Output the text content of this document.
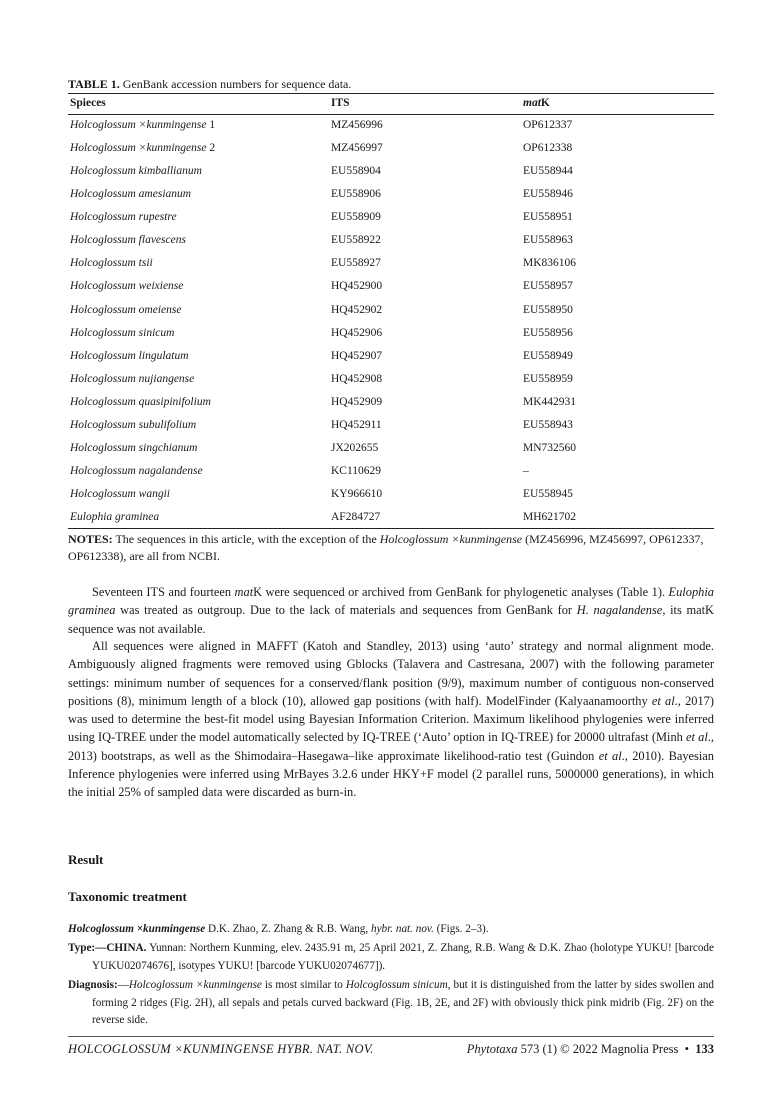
TABLE 1. GenBank accession numbers for sequence data.
Spieces	ITS	matK
Holcoglossum ×kunmingense 1	MZ456996	OP612337
Holcoglossum ×kunmingense 2	MZ456997	OP612338
Holcoglossum kimballianum	EU558904	EU558944
Holcoglossum amesianum	EU558906	EU558946
Holcoglossum rupestre	EU558909	EU558951
Holcoglossum flavescens	EU558922	EU558963
Holcoglossum tsii	EU558927	MK836106
Holcoglossum weixiense	HQ452900	EU558957
Holcoglossum omeiense	HQ452902	EU558950
Holcoglossum sinicum	HQ452906	EU558956
Holcoglossum lingulatum	HQ452907	EU558949
Holcoglossum nujiangense	HQ452908	EU558959
Holcoglossum quasipinifolium	HQ452909	MK442931
Holcoglossum subulifolium	HQ452911	EU558943
Holcoglossum singchianum	JX202655	MN732560
Holcoglossum nagalandense	KC110629	–
Holcoglossum wangii	KY966610	EU558945
Eulophia graminea	AF284727	MH621702
NOTES: The sequences in this article, with the exception of the Holcoglossum ×kunmingense (MZ456996, MZ456997, OP612337, OP612338), are all from NCBI.
Seventeen ITS and fourteen matK were sequenced or archived from GenBank for phylogenetic analyses (Table 1). Eulophia graminea was treated as outgroup. Due to the lack of materials and sequences from GenBank for H. nagalandense, its matK sequence was not available.
All sequences were aligned in MAFFT (Katoh and Standley, 2013) using ‘auto’ strategy and normal alignment mode. Ambiguously aligned fragments were removed using Gblocks (Talavera and Castresana, 2007) with the following parameter settings: minimum number of sequences for a conserved/flank position (9/9), maximum number of contiguous non-conserved positions (8), minimum length of a block (10), allowed gap positions (with half). ModelFinder (Kalyaanamoorthy et al., 2017) was used to determine the best-fit model using Bayesian Information Criterion. Maximum likelihood phylogenies were inferred using IQ-TREE under the model automatically selected by IQ-TREE (‘Auto’ option in IQ-TREE) for 20000 ultrafast (Minh et al., 2013) bootstraps, as well as the Shimodaira–Hasegawa–like approximate likelihood-ratio test (Guindon et al., 2010). Bayesian Inference phylogenies were inferred using MrBayes 3.2.6 under HKY+F model (2 parallel runs, 5000000 generations), in which the initial 25% of sampled data were discarded as burn-in.
Result
Taxonomic treatment
Holcoglossum ×kunmingense D.K. Zhao, Z. Zhang & R.B. Wang, hybr. nat. nov. (Figs. 2–3).
Type:—CHINA. Yunnan: Northern Kunming, elev. 2435.91 m, 25 April 2021, Z. Zhang, R.B. Wang & D.K. Zhao (holotype YUKU! [barcode YUKU02074676], isotypes YUKU! [barcode YUKU02074677]).
Diagnosis:—Holcoglossum ×kunmingense is most similar to Holcoglossum sinicum, but it is distinguished from the latter by sides swollen and forming 2 ridges (Fig. 2H), all sepals and petals curved backward (Fig. 1B, 2E, and 2F) with obviously thick pink midrib (Fig. 2F) on the reverse side.
HOLCOGLOSSUM ×KUNMINGENSE HYBR. NAT. NOV.	Phytotaxa 573 (1) © 2022 Magnolia Press  •  133
